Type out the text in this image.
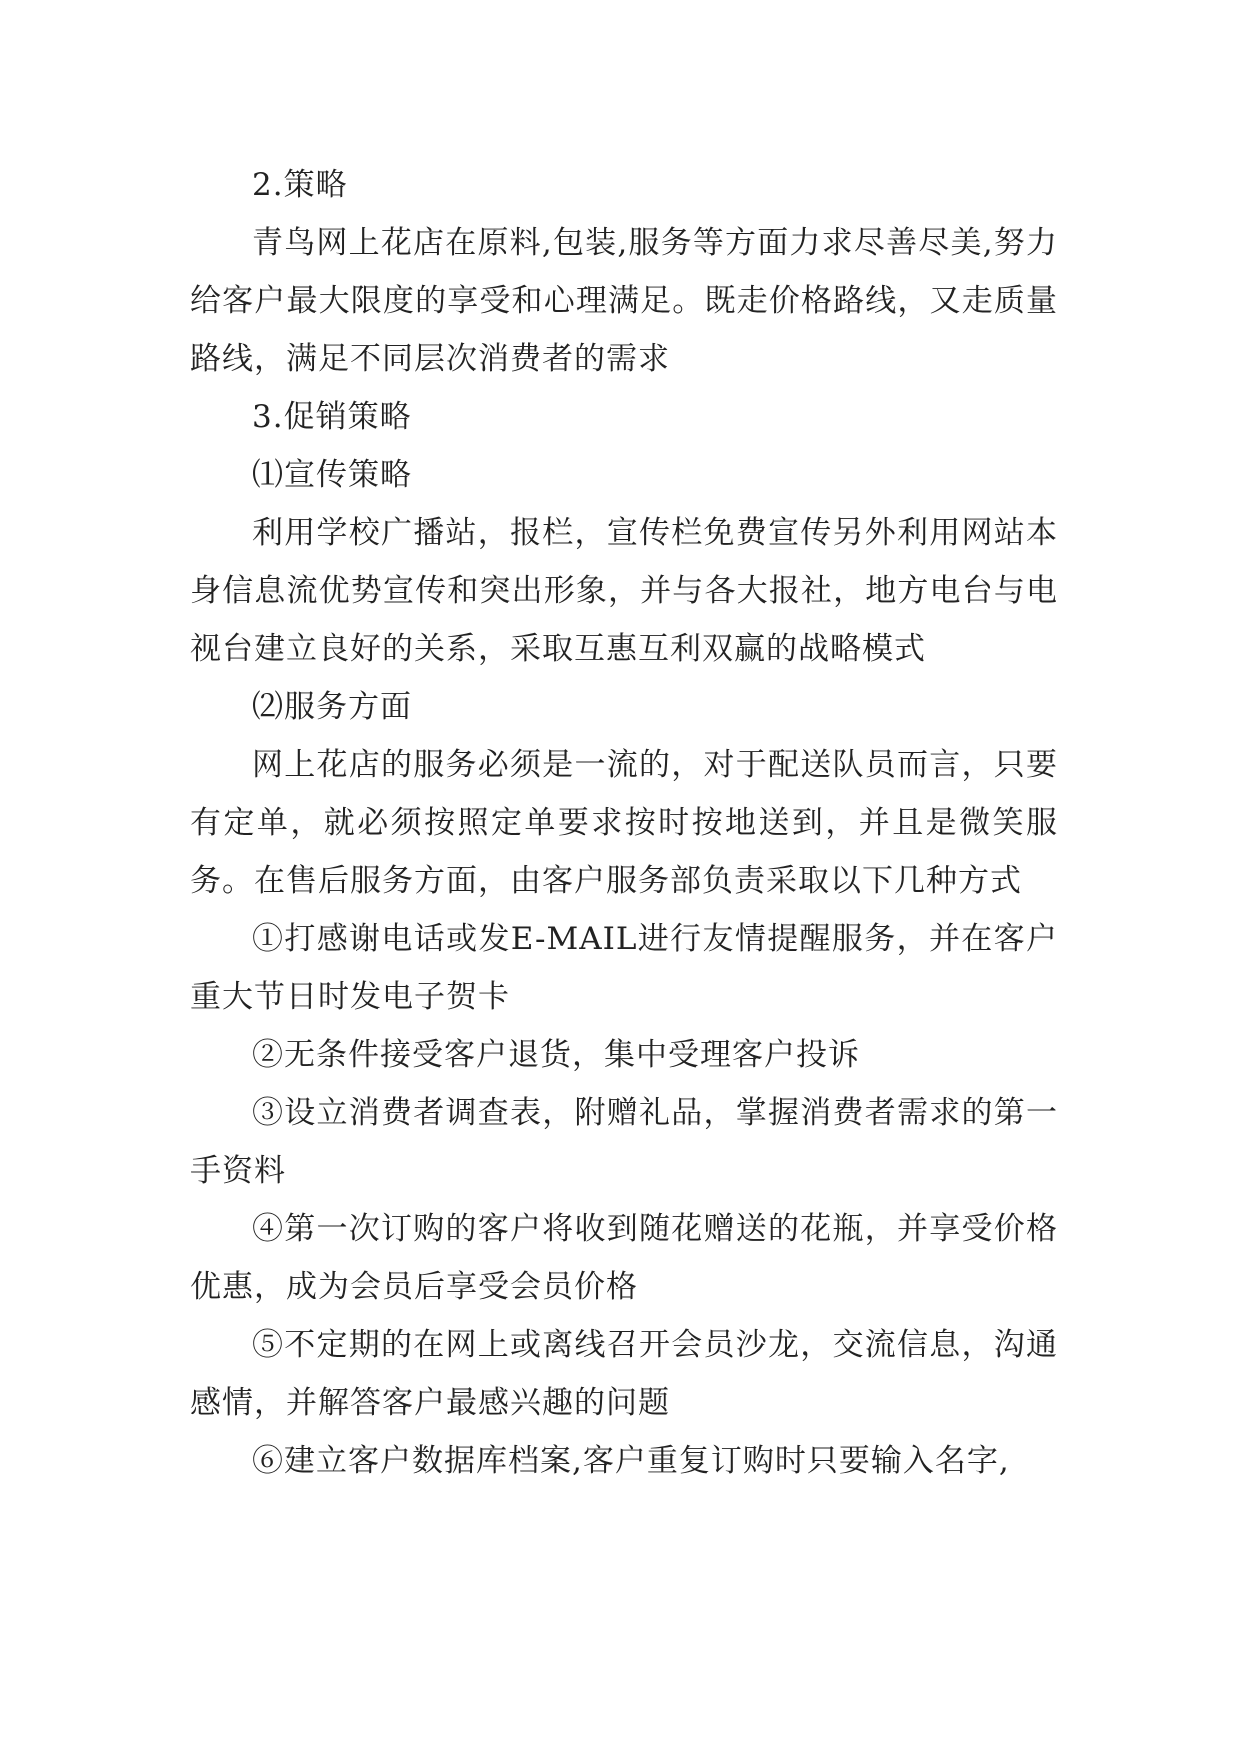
2.策略

青鸟网上花店在原料,包装,服务等方面力求尽善尽美,努力给客户最大限度的享受和心理满足。既走价格路线，又走质量路线，满足不同层次消费者的需求

3.促销策略

⑴宣传策略

利用学校广播站，报栏，宣传栏免费宣传另外利用网站本身信息流优势宣传和突出形象，并与各大报社，地方电台与电视台建立良好的关系，采取互惠互利双赢的战略模式

⑵服务方面

网上花店的服务必须是一流的，对于配送队员而言，只要有定单，就必须按照定单要求按时按地送到，并且是微笑服务。在售后服务方面，由客户服务部负责采取以下几种方式

①打感谢电话或发E-MAIL进行友情提醒服务，并在客户重大节日时发电子贺卡

②无条件接受客户退货，集中受理客户投诉

③设立消费者调查表，附赠礼品，掌握消费者需求的第一手资料

④第一次订购的客户将收到随花赠送的花瓶，并享受价格优惠，成为会员后享受会员价格

⑤不定期的在网上或离线召开会员沙龙，交流信息，沟通感情，并解答客户最感兴趣的问题

⑥建立客户数据库档案,客户重复订购时只要输入名字,
